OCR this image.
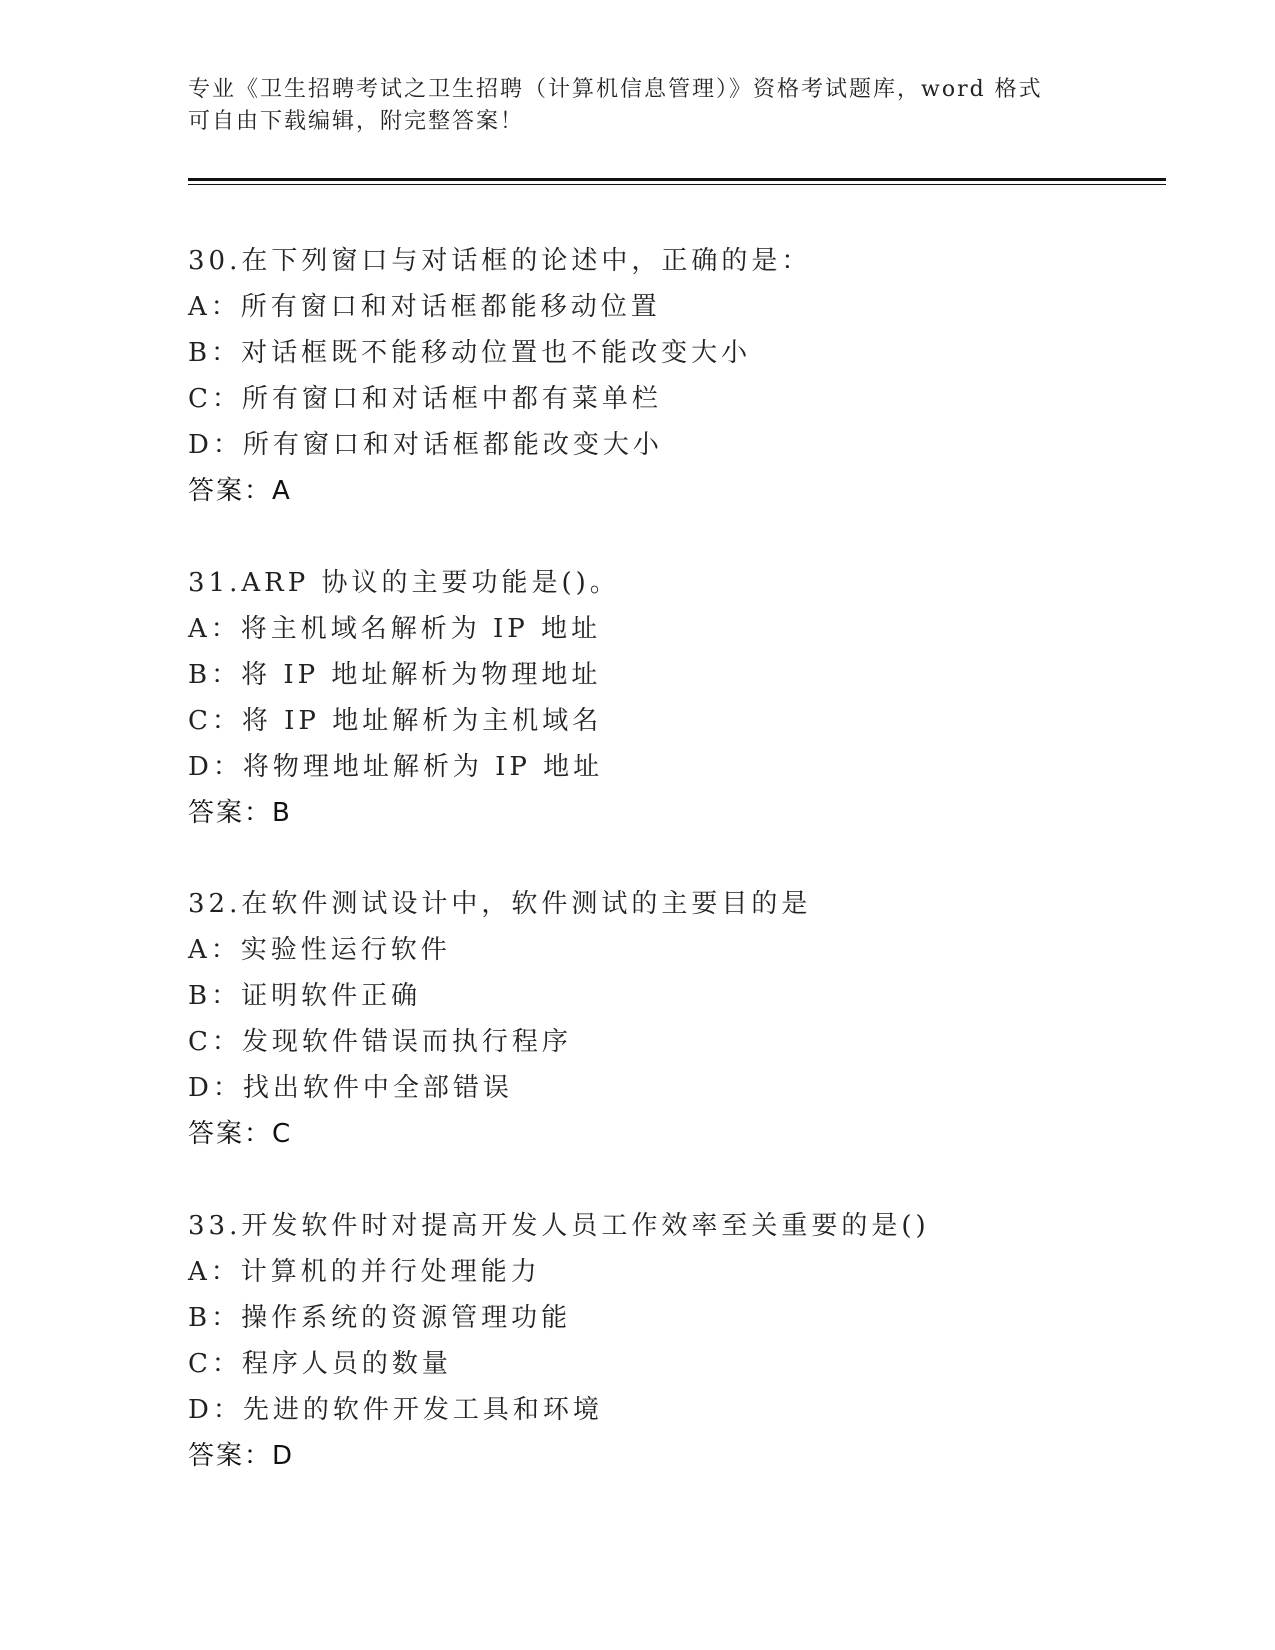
专业《卫生招聘考试之卫生招聘（计算机信息管理）》资格考试题库，word 格式
可自由下载编辑，附完整答案！
30.在下列窗口与对话框的论述中，正确的是：
A：所有窗口和对话框都能移动位置
B：对话框既不能移动位置也不能改变大小
C：所有窗口和对话框中都有菜单栏
D：所有窗口和对话框都能改变大小
答案：A
31.ARP 协议的主要功能是()。
A：将主机域名解析为 IP 地址
B：将 IP 地址解析为物理地址
C：将 IP 地址解析为主机域名
D：将物理地址解析为 IP 地址
答案：B
32.在软件测试设计中，软件测试的主要目的是
A：实验性运行软件
B：证明软件正确
C：发现软件错误而执行程序
D：找出软件中全部错误
答案：C
33.开发软件时对提高开发人员工作效率至关重要的是()
A：计算机的并行处理能力
B：操作系统的资源管理功能
C：程序人员的数量
D：先进的软件开发工具和环境
答案：D
